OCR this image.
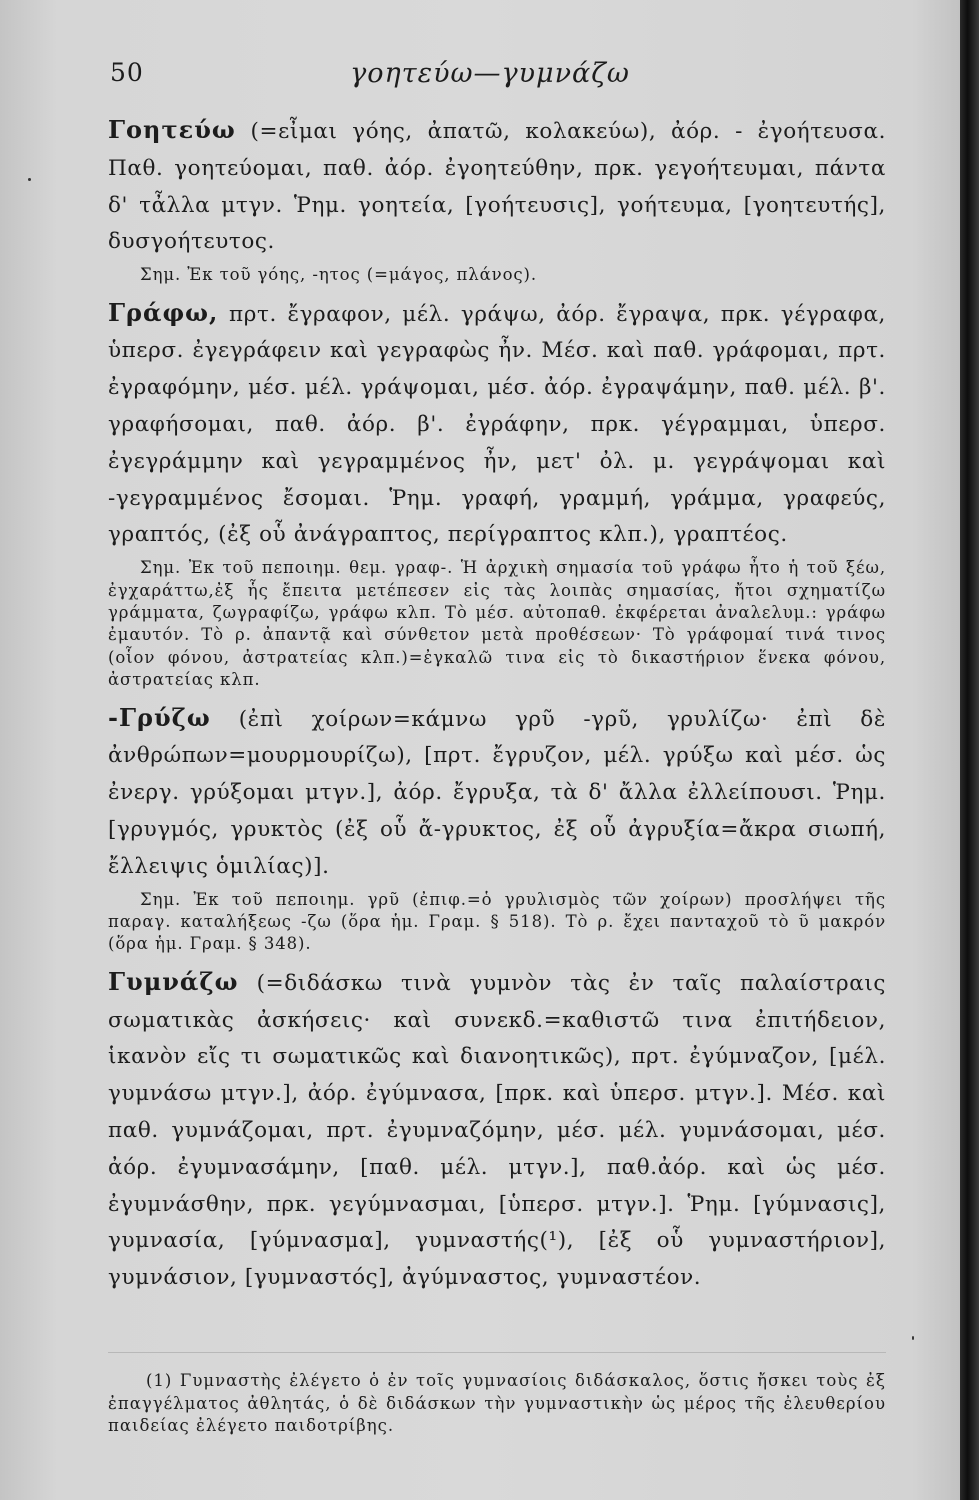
50	γοητεύω—γυμνάζω

Γοητεύω (=εἶμαι γόης, ἀπατῶ, κολακεύω), ἀόρ. - ἐγοήτευσα. Παθ. γοητεύομαι, παθ. ἀόρ. ἐγοητεύθην, πρκ. γεγοήτευμαι, πάντα δ' τἆλλα μτγν. Ῥημ. γοητεία, [γοήτευσις], γοήτευμα, [γοητευτής], δυσγοήτευτος.

Σημ. Ἐκ τοῦ γόης, -ητος (=μάγος, πλάνος).

Γράφω, πρτ. ἔγραφον, μέλ. γράψω, ἀόρ. ἔγραψα, πρκ. γέγραφα, ὑπερσ. ἐγεγράφειν καὶ γεγραφὼς ἦν. Μέσ. καὶ παθ. γράφομαι, πρτ. ἐγραφόμην, μέσ. μέλ. γράψομαι, μέσ. ἀόρ. ἐγραψάμην, παθ. μέλ. β'. γραφήσομαι, παθ. ἀόρ. β'. ἐγράφην, πρκ. γέγραμμαι, ὑπερσ. ἐγεγράμμην καὶ γεγραμμένος ἦν, μετ' ὀλ. μ. γεγράψομαι καὶ -γεγραμμένος ἔσομαι. Ῥημ. γραφή, γραμμή, γράμμα, γραφεύς, γραπτός, (ἐξ οὗ ἀνάγραπτος, περίγραπτος κλπ.), γραπτέος.

Σημ. Ἐκ τοῦ πεποιημ. θεμ. γραφ-. Ἡ ἀρχικὴ σημασία τοῦ γράφω ἦτο ἡ τοῦ ξέω, ἐγχαράττω,ἐξ ἧς ἔπειτα μετέπεσεν εἰς τὰς λοιπὰς σημασίας, ἤτοι σχηματίζω γράμματα, ζωγραφίζω, γράφω κλπ. Τὸ μέσ. αὐτοπαθ. ἐκφέρεται ἀναλελυμ.: γράφω ἐμαυτόν. Τὸ ρ. ἀπαντᾷ καὶ σύνθετον μετὰ προθέσεων· Τὸ γράφομαί τινά τινος (οἷον φόνου, ἀστρατείας κλπ.)=ἐγκαλῶ τινα εἰς τὸ δικαστήριον ἕνεκα φόνου, ἀστρατείας κλπ.

-Γρύζω (ἐπὶ χοίρων=κάμνω γρῦ -γρῦ, γρυλίζω· ἐπὶ δὲ ἀνθρώπων=μουρμουρίζω), [πρτ. ἔγρυζον, μέλ. γρύξω καὶ μέσ. ὡς ἐνεργ. γρύξομαι μτγν.], ἀόρ. ἔγρυξα, τὰ δ' ἄλλα ἐλλείπουσι. Ῥημ. [γρυγμός, γρυκτὸς (ἐξ οὗ ἄ-γρυκτος, ἐξ οὗ ἀγρυξία=ἄκρα σιωπή, ἔλλειψις ὁμιλίας)].

Σημ. Ἐκ τοῦ πεποιημ. γρῦ (ἐπιφ.=ὁ γρυλισμὸς τῶν χοίρων) προσλήψει τῆς παραγ. καταλήξεως -ζω (ὅρα ἡμ. Γραμ. § 518). Τὸ ρ. ἔχει πανταχοῦ τὸ ῦ μακρόν (ὅρα ἡμ. Γραμ. § 348).

Γυμνάζω (=διδάσκω τινὰ γυμνὸν τὰς ἐν ταῖς παλαίστραις σωματικὰς ἀσκήσεις· καὶ συνεκδ.=καθιστῶ τινα ἐπιτήδειον, ἱκανὸν εἴς τι σωματικῶς καὶ διανοητικῶς), πρτ. ἐγύμναζον, [μέλ. γυμνάσω μτγν.], ἀόρ. ἐγύμνασα, [πρκ. καὶ ὑπερσ. μτγν.]. Μέσ. καὶ παθ. γυμνάζομαι, πρτ. ἐγυμναζόμην, μέσ. μέλ. γυμνάσομαι, μέσ. ἀόρ. ἐγυμνασάμην, [παθ. μέλ. μτγν.], παθ.ἀόρ. καὶ ὡς μέσ. ἐγυμνάσθην, πρκ. γεγύμνασμαι, [ὑπερσ. μτγν.]. Ῥημ. [γύμνασις], γυμνασία, [γύμνασμα], γυμναστής(¹), [ἐξ οὗ γυμναστήριον], γυμνάσιον, [γυμναστός], ἀγύμναστος, γυμναστέον.

(1) Γυμναστὴς ἐλέγετο ὁ ἐν τοῖς γυμνασίοις διδάσκαλος, ὅστις ἤσκει τοὺς ἐξ ἐπαγγέλματος ἀθλητάς, ὁ δὲ διδάσκων τὴν γυμναστικὴν ὡς μέρος τῆς ἐλευθερίου παιδείας ἐλέγετο παιδοτρίβης.
